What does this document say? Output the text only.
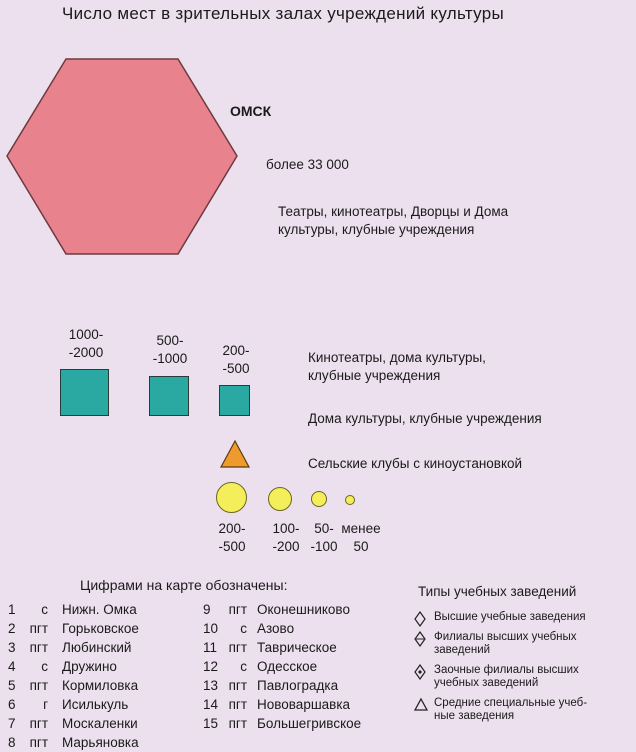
Число мест в зрительных залах учреждений культуры
ОМСК
более 33 000
Театры, кинотеатры, Дворцы и Дома
культуры, клубные учреждения
1000-
-2000
500-
-1000
200-
-500
Кинотеатры, дома культуры,
клубные учреждения
Дома культуры, клубные учреждения
Сельские клубы с киноустановкой
200-
-500
100-
-200
50-
-100
менее
50
Цифрами на карте обозначены:
1	с Нижн. Омка
2	пгт Горьковское
3	пгт Любинский
4	с Дружино
5	пгт Кормиловка
6	г Исилькуль
7	пгт Москаленки
8	пгт Марьяновка
9	пгт Оконешниково
10	с Азово
11 пгт Таврическое
12	с Одесское
13 пгт Павлоградка
14 пгт Нововаршавка
15 пгт Большегривское
Типы учебных заведений
Высшие учебные заведения
Филиалы высших учебных
заведений
Заочные филиалы высших
учебных заведений
Средние специальные учеб-
ные заведения
